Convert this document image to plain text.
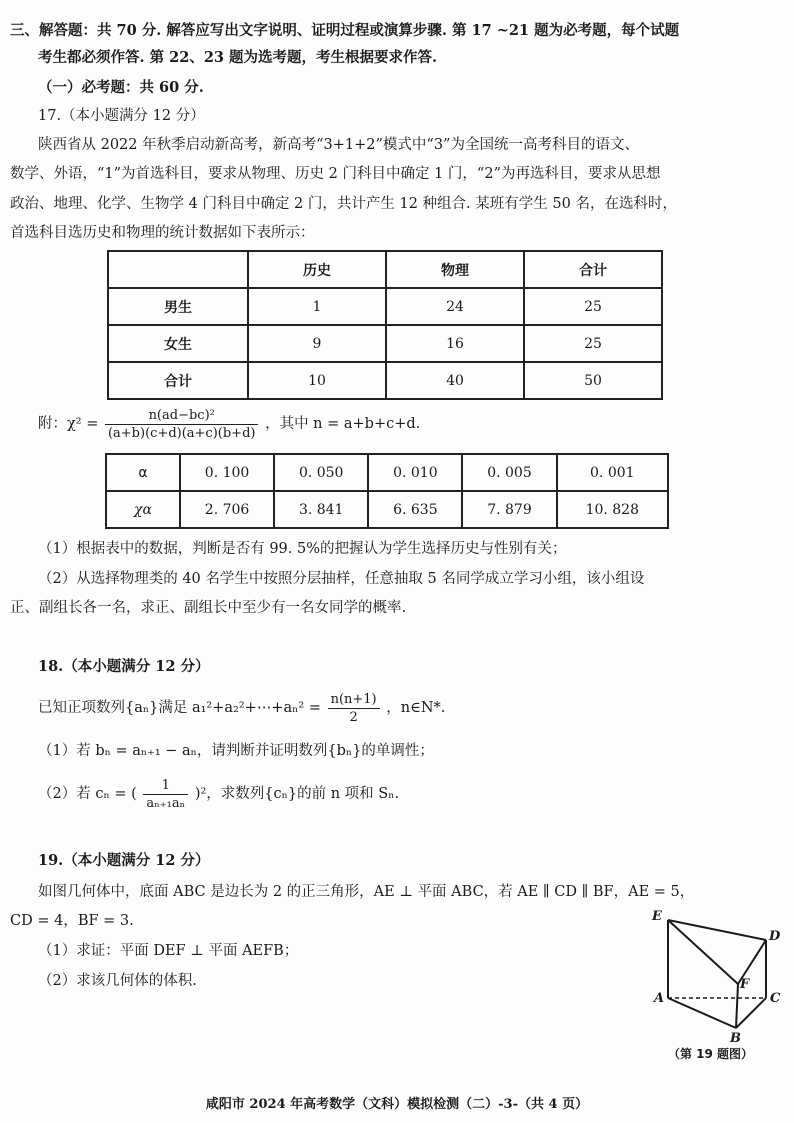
三、解答题：共 70 分. 解答应写出文字说明、证明过程或演算步骤. 第 17 ~21 题为必考题，每个试题
考生都必须作答. 第 22、23 题为选考题，考生根据要求作答.
（一）必考题：共 60 分.
17.（本小题满分 12 分）
陕西省从 2022 年秋季启动新高考，新高考“3+1+2”模式中“3”为全国统一高考科目的语文、
数学、外语，“1”为首选科目，要求从物理、历史 2 门科目中确定 1 门，“2”为再选科目，要求从思想
政治、地理、化学、生物学 4 门科目中确定 2 门，共计产生 12 种组合. 某班有学生 50 名，在选科时，
首选科目选历史和物理的统计数据如下表所示：
	历史	物理	合计
男生	1	24	25
女生	9	16	25
合计	10	40	50
附：$\chi^2 = \frac{\text{n(ad−bc)²}}{(a+b)(c+d)(a+c)(b+d)}$ ，其中 n = a+b+c+d.
α	0. 100	0. 050	0. 010	0. 005	0. 001
χα	2. 706	3. 841	6. 635	7. 879	10. 828
（1）根据表中的数据，判断是否有 99. 5%的把握认为学生选择历史与性别有关；
（2）从选择物理类的 40 名学生中按照分层抽样，任意抽取 5 名同学成立学习小组，该小组设
正、副组长各一名，求正、副组长中至少有一名女同学的概率.
18.（本小题满分 12 分）
已知正项数列{aₙ}满足 a₁²+a₂²+⋯+aₙ² = $\frac{n(n+1)}{2}$ ，n∈N*.
（1）若 bₙ = aₙ₊₁ − aₙ，请判断并证明数列{bₙ}的单调性；
（2）若 cₙ = ( $\frac{1}{\text{aₙ₊₁aₙ}} )^2$，求数列{cₙ}的前 n 项和 Sₙ.
19.（本小题满分 12 分）
如图几何体中，底面 ABC 是边长为 2 的正三角形，AE ⊥ 平面 ABC，若 AE ∥ CD ∥ BF，AE = 5，
CD = 4，BF = 3.
（1）求证：平面 DEF ⊥ 平面 AEFB；
（2）求该几何体的体积.
E
D
F
A	C
B
（第 19 题图）
咸阳市 2024 年高考数学（文科）模拟检测（二）-3-（共 4 页）
